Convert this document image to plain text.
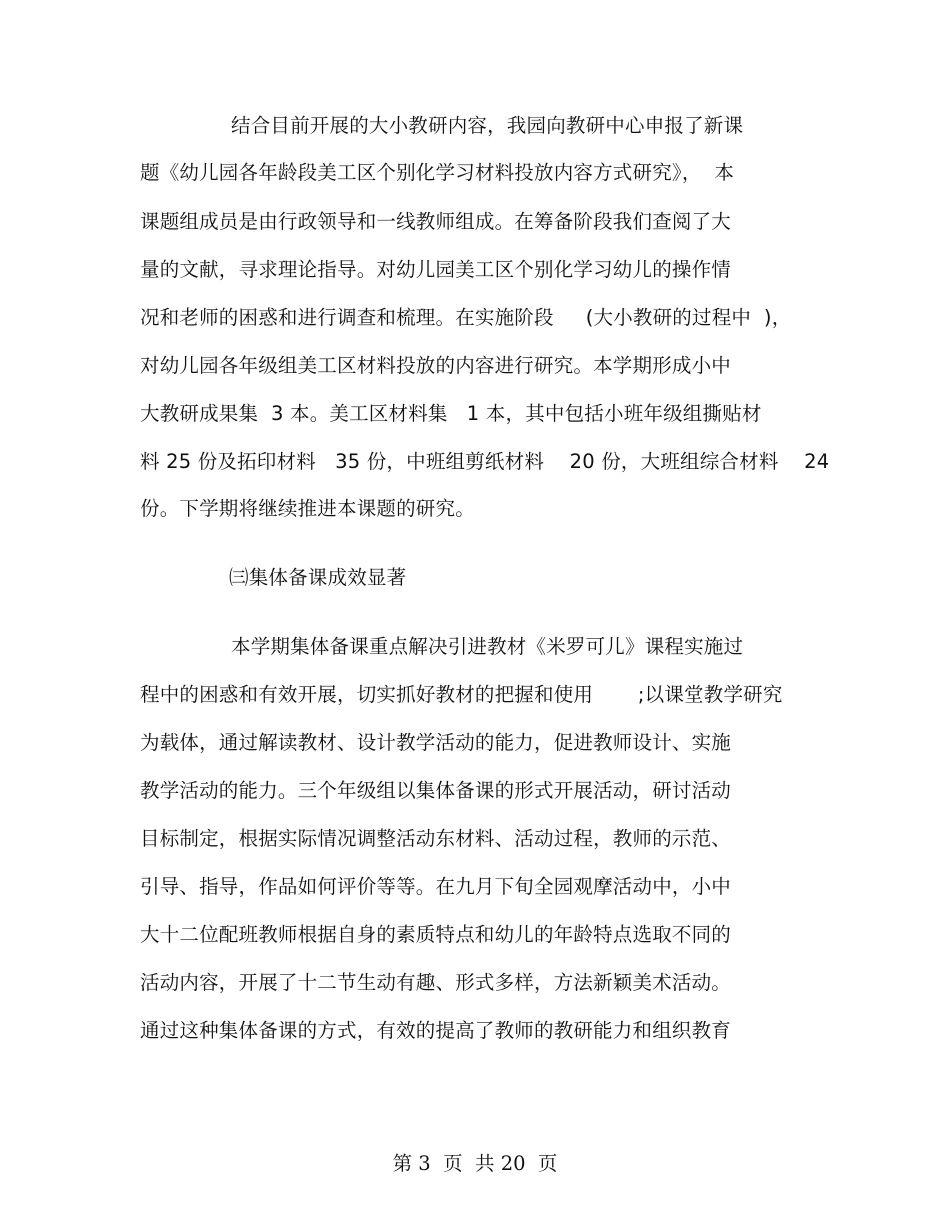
结合目前开展的大小教研内容，我园向教研中心申报了新课
题《幼儿园各年龄段美工区个别化学习材料投放内容方式研究》，  本
课题组成员是由行政领导和一线教师组成。在筹备阶段我们查阅了大
量的文献，寻求理论指导。对幼儿园美工区个别化学习幼儿的操作情
况和老师的困惑和进行调查和梳理。在实施阶段     (大小教研的过程中  )，
对幼儿园各年级组美工区材料投放的内容进行研究。本学期形成小中
大教研成果集  3 本。美工区材料集   1 本，其中包括小班年级组撕贴材
料 25 份及拓印材料   35 份，中班组剪纸材料    20 份，大班组综合材料    24
份。下学期将继续推进本课题的研究。
㈢集体备课成效显著
本学期集体备课重点解决引进教材《米罗可儿》课程实施过
程中的困惑和有效开展，切实抓好教材的把握和使用       ;以课堂教学研究
为载体，通过解读教材、设计教学活动的能力，促进教师设计、实施
教学活动的能力。三个年级组以集体备课的形式开展活动，研讨活动
目标制定，根据实际情况调整活动东材料、活动过程，教师的示范、
引导、指导，作品如何评价等等。在九月下旬全园观摩活动中，小中
大十二位配班教师根据自身的素质特点和幼儿的年龄特点选取不同的
活动内容，开展了十二节生动有趣、形式多样，方法新颖美术活动。
通过这种集体备课的方式，有效的提高了教师的教研能力和组织教育
第 3  页  共 20  页
